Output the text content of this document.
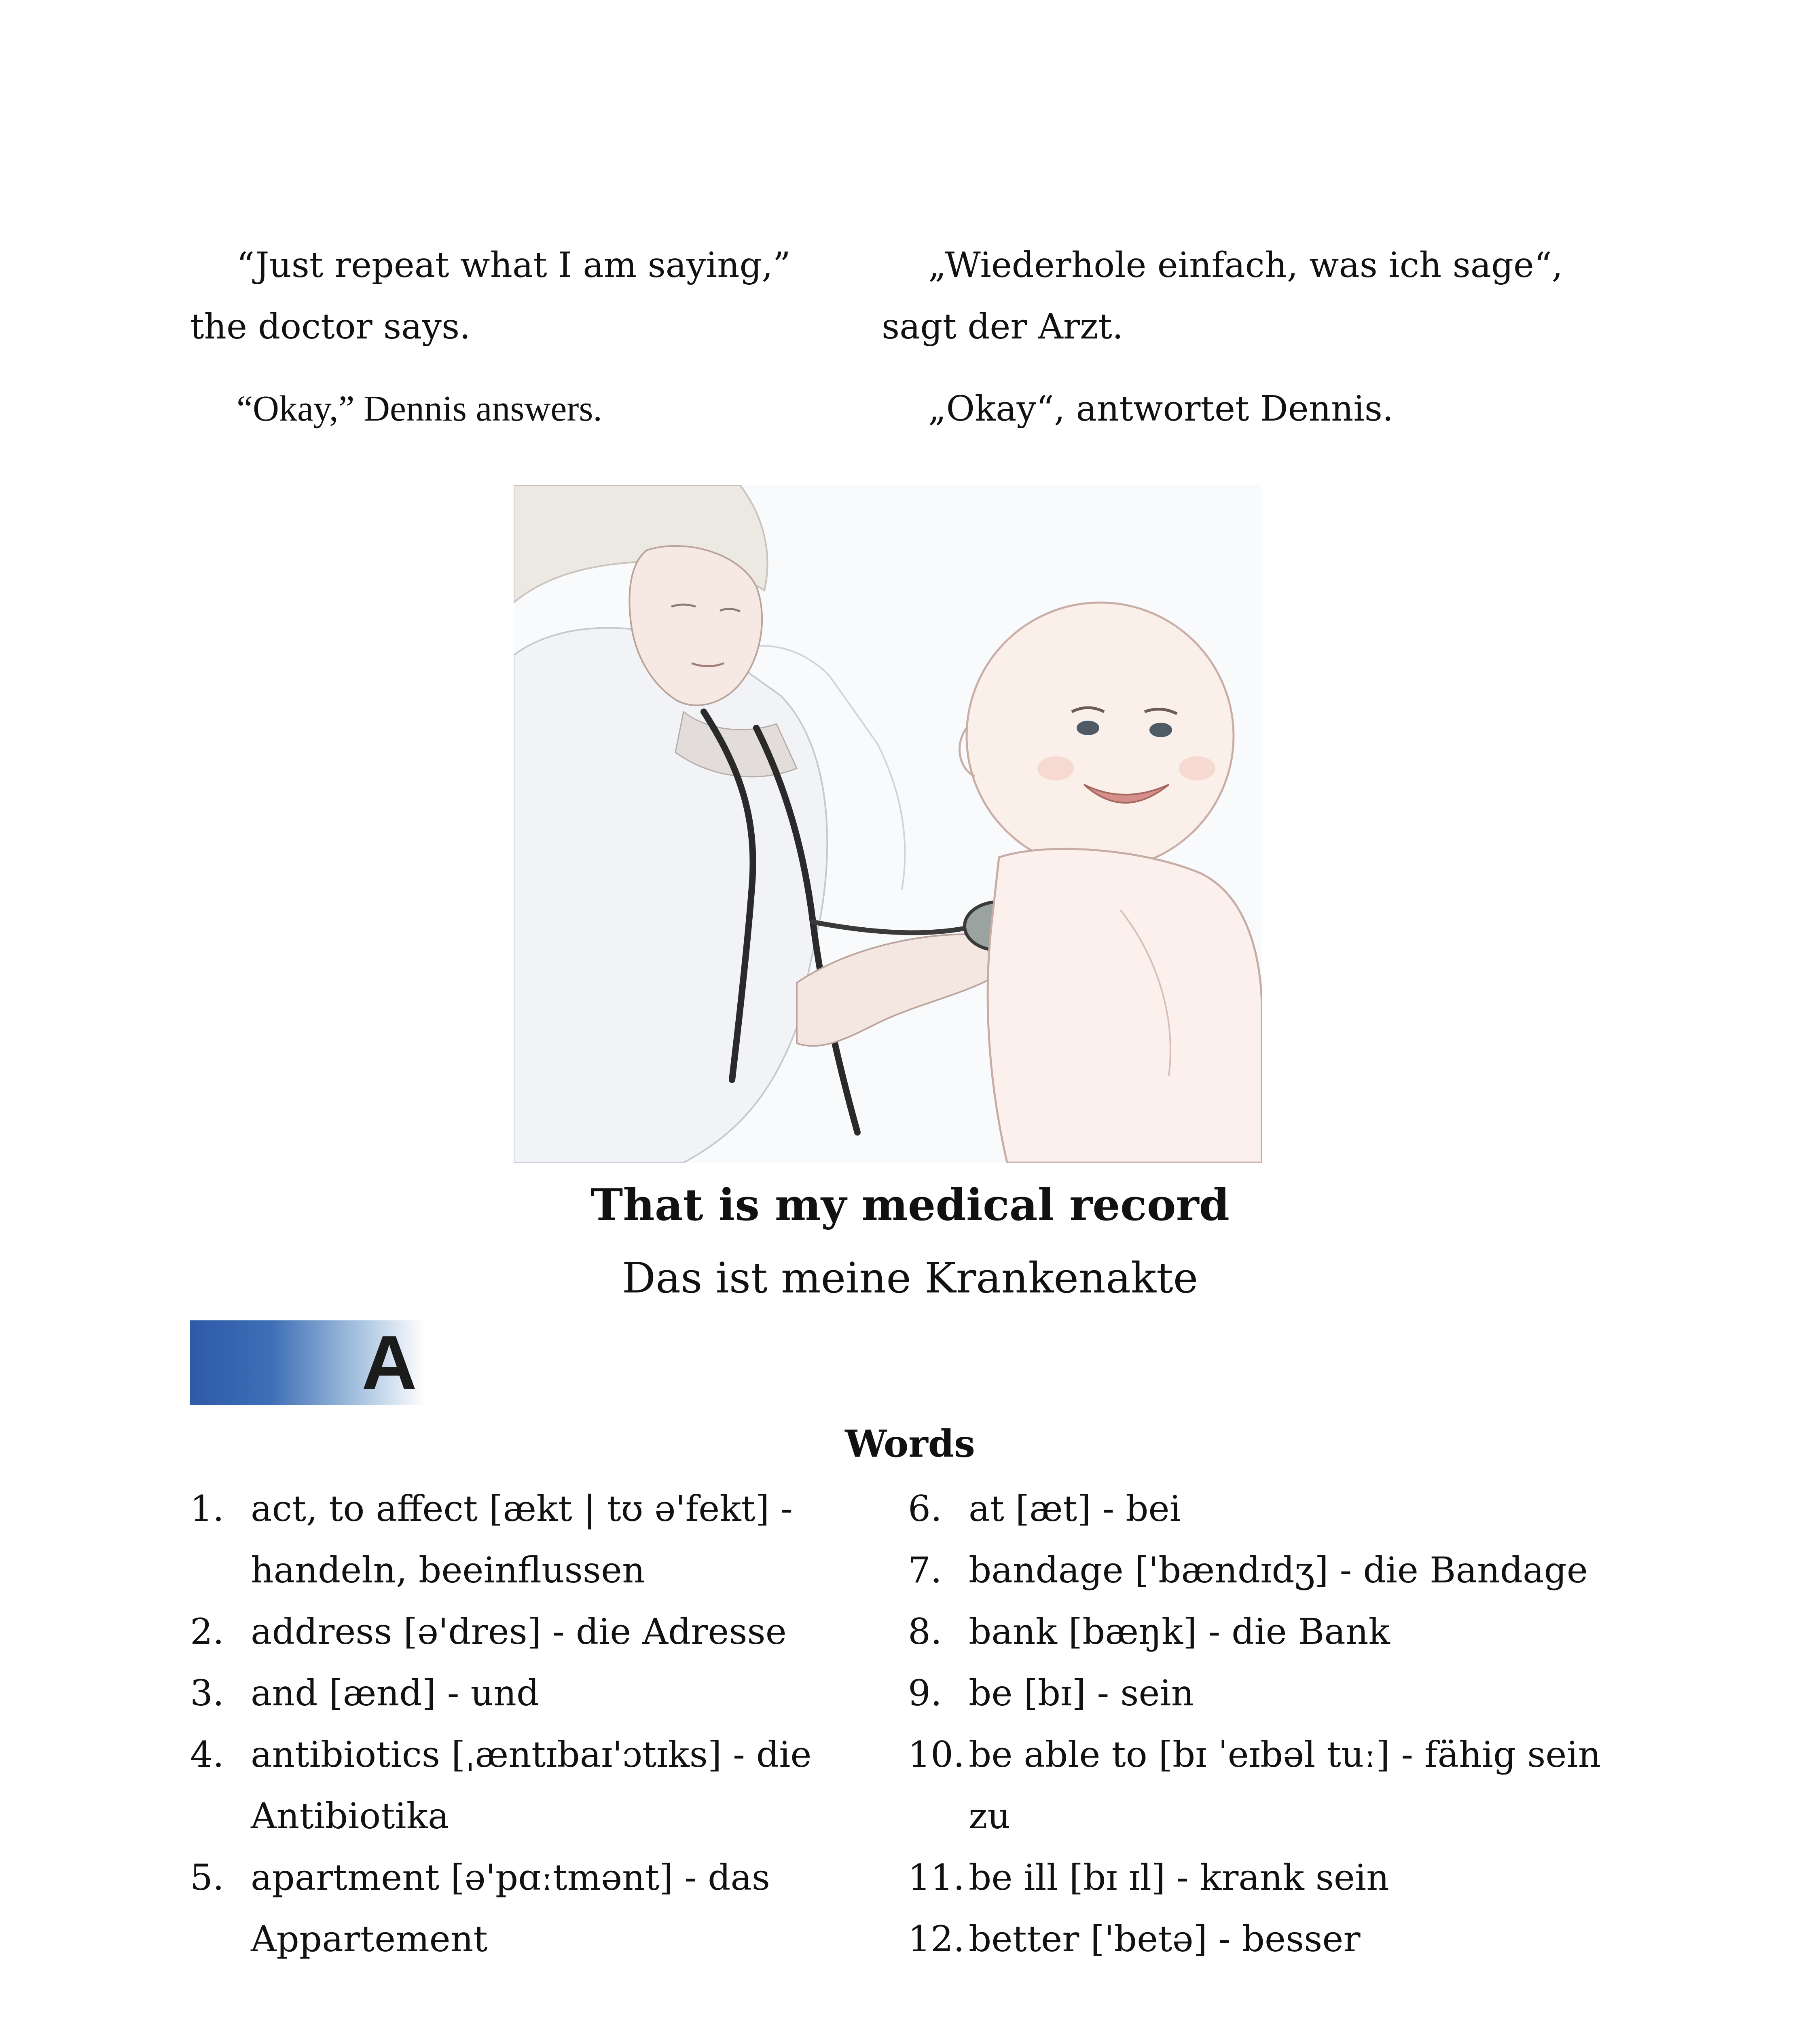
“Just repeat what I am saying,” the doctor says.

„Wiederhole einfach, was ich sage“, sagt der Arzt.

“Okay,” Dennis answers.	„Okay“, antwortet Dennis.

That is my medical record
Das ist meine Krankenakte
A
Words
1. act, to affect [ækt | tʊ ə'fekt] - handeln, beeinflussen
2. address [ə'dres] - die Adresse
3. and [ænd] - und
4. antibiotics [ˌæntɪbaɪ'ɔtɪks] - die Antibiotika
5. apartment [ə'pɑːtmənt] - das Appartement
6. at [æt] - bei
7. bandage ['bændɪdʒ] - die Bandage
8. bank [bæŋk] - die Bank
9. be [bɪ] - sein
10. be able to [bɪ ˈeɪbəl tuː] - fähig sein zu
11. be ill [bɪ ɪl] - krank sein
12. better ['betə] - besser
